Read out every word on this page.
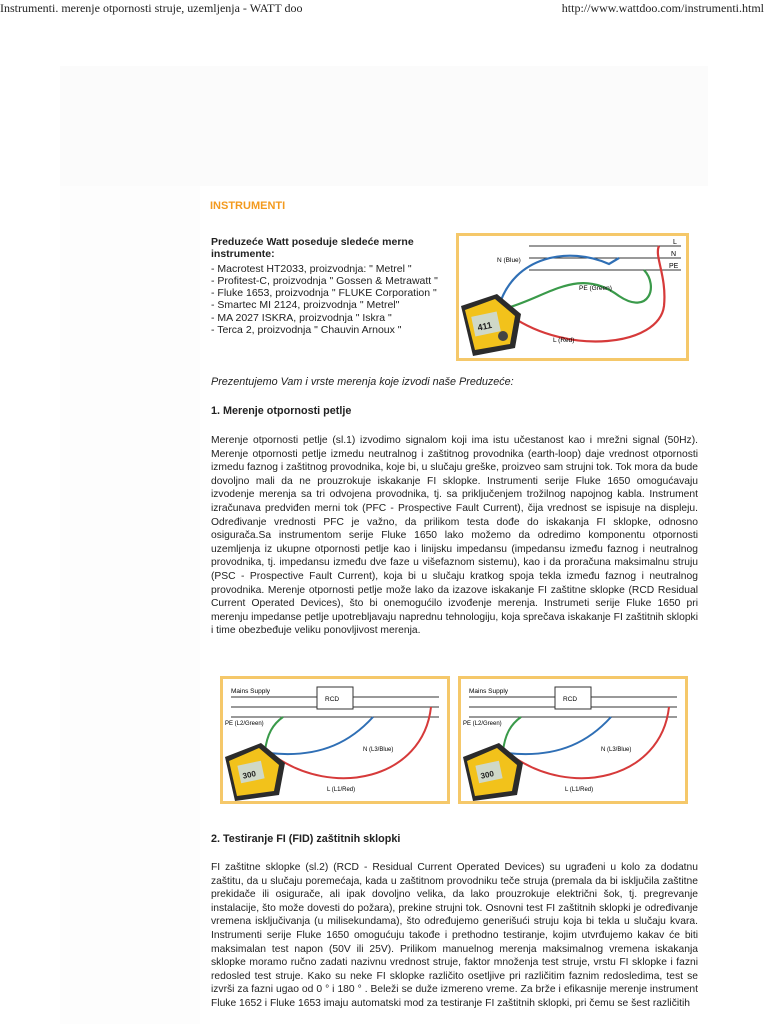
Instrumenti. merenje otpornosti struje, uzemljenja - WATT doo	http://www.wattdoo.com/instrumenti.html
INSTRUMENTI
Preduzeće Watt poseduje sledeće merne instrumente:
- Macrotest HT2033, proizvodnja: " Metrel "
- Profitest-C, proizvodnja " Gossen & Metrawatt "
- Fluke 1653, proizvodnja " FLUKE Corporation "
- Smartec MI 2124, proizvodnja " Metrel"
- MA 2027 ISKRA, proizvodnja " Iskra "
- Terca 2, proizvodnja " Chauvin Arnoux "
L
N
PE
N (Blue)
PE (Green)
L (Red)
411
Prezentujemo Vam i vrste merenja koje izvodi naše Preduzeće:
1. Merenje otpornosti petlje
Merenje otpornosti petlje (sl.1) izvodimo signalom koji ima istu učestanost kao i mrežni signal (50Hz). Merenje otpornosti petlje izmedu neutralnog i zaštitnog provodnika (earth-loop) daje vrednost otpornosti izmedu faznog i zaštitnog provodnika, koje bi, u slučaju greške, proizveo sam strujni tok. Tok mora da bude dovoljno mali da ne prouzrokuje iskakanje FI sklopke. Instrumenti serije Fluke 1650 omogućavaju izvodenje merenja sa tri odvojena provodnika, tj. sa priključenjem trožilnog napojnog kabla. Instrument izračunava predviđen merni tok (PFC - Prospective Fault Current), čija vrednost se ispisuje na displeju. Određivanje vrednosti PFC je važno, da prilikom testa dođe do iskakanja FI sklopke, odnosno osigurača.Sa instrumentom serije Fluke 1650 lako možemo da odredimo komponentu otpornosti uzemljenja iz ukupne otpornosti petlje kao i linijsku impedansu (impedansu između faznog i neutralnog provodnika, tj. impedansu između dve faze u višefaznom sistemu), kao i da proračuna maksimalnu struju (PSC - Prospective Fault Current), koja bi u slučaju kratkog spoja tekla između faznog i neutralnog provodnika. Merenje otpornosti petlje može lako da izazove iskakanje FI zaštitne sklopke (RCD Residual Current Operated Devices), što bi onemogućilo izvođenje merenja. Instrumeti serije Fluke 1650 pri merenju impedanse petlje upotrebljavaju naprednu tehnologiju, koja sprečava iskakanje FI zaštitnih sklopki i time obezbeđuje veliku ponovljivost merenja.
Mains Supply
RCD
PE (L2/Green)
N (L3/Blue)
L (L1/Red)
300
Mains Supply
RCD
PE (L2/Green)
N (L3/Blue)
L (L1/Red)
300
2. Testiranje FI (FID) zaštitnih sklopki
FI zaštitne sklopke (sl.2) (RCD - Residual Current Operated Devices) su ugrađeni u kolo za dodatnu zaštitu, da u slučaju poremećaja, kada u zaštitnom provodniku teče struja (premala da bi isključila zaštitne prekidače ili osigurače, ali ipak dovoljno velika, da lako prouzrokuje električni šok, tj. pregrevanje instalacije, što može dovesti do požara), prekine strujni tok. Osnovni test FI zaštitnih sklopki je određivanje vremena isključivanja (u milisekundama), što određujemo generišući struju koja bi tekla u slučaju kvara. Instrumenti serije Fluke 1650 omogućuju takođe i prethodno testiranje, kojim utvrđujemo kakav će biti maksimalan test napon (50V ili 25V). Prilikom manuelnog merenja maksimalnog vremena iskakanja sklopke moramo ručno zadati nazivnu vrednost struje, faktor množenja test struje, vrstu FI sklopke i fazni redosled test struje. Kako su neke FI sklopke različito osetljive pri različitim faznim redosledima, test se izvrši za fazni ugao od 0 ° i 180 ° . Beleži se duže izmereno vreme. Za brže i efikasnije merenje instrument Fluke 1652 i Fluke 1653 imaju automatski mod za testiranje FI zaštitnih sklopki, pri čemu se šest različitih
